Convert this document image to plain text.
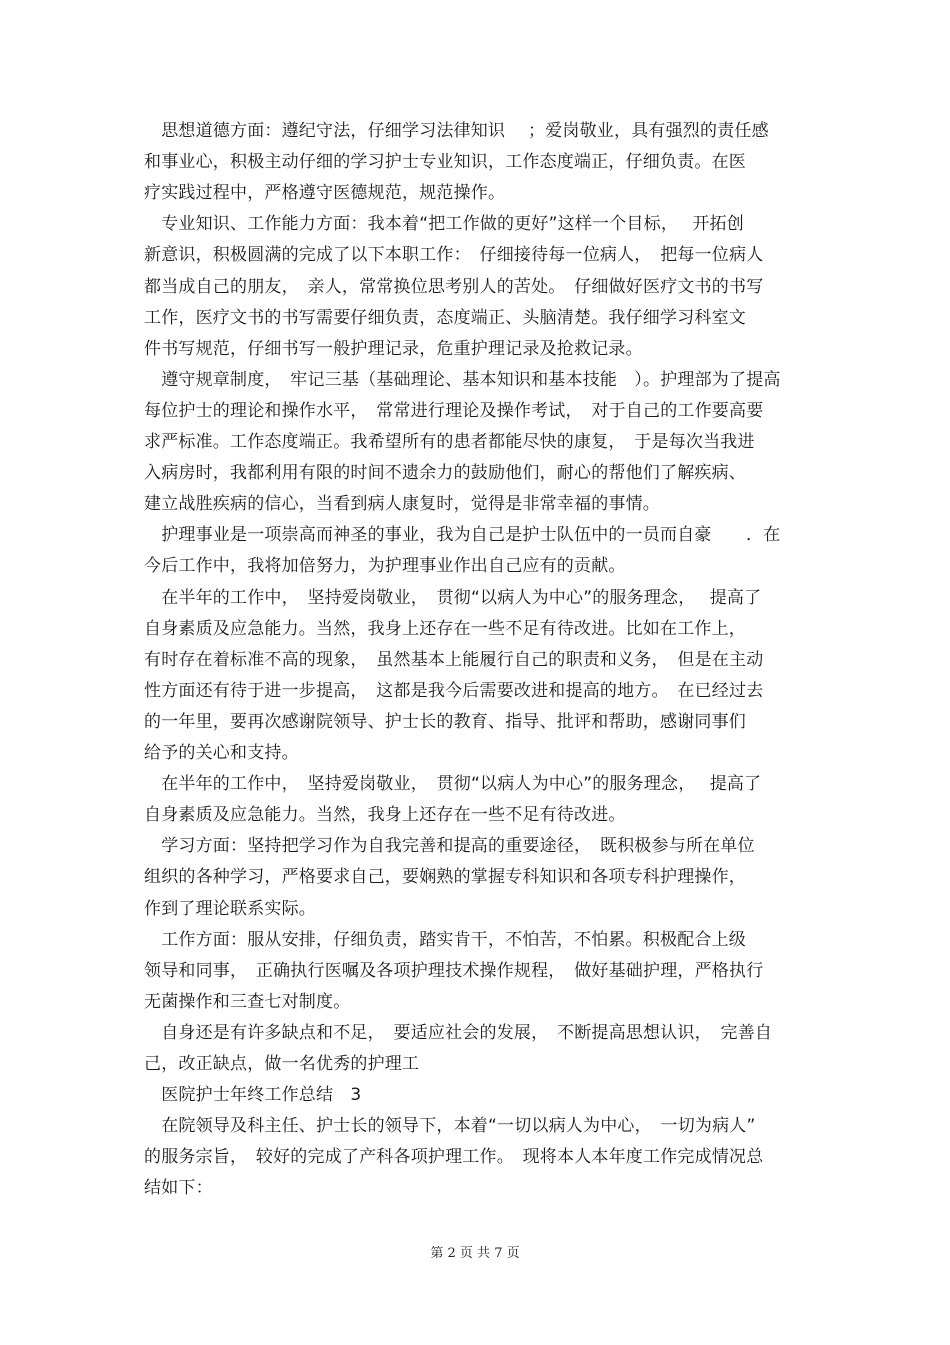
　思想道德方面：遵纪守法，仔细学习法律知识　 ；爱岗敬业，具有强烈的责任感
和事业心，积极主动仔细的学习护士专业知识，工作态度端正，仔细负责。在医
疗实践过程中，严格遵守医德规范，规范操作。
　专业知识、工作能力方面：我本着“把工作做的更好”这样一个目标，　 开拓创
新意识，积极圆满的完成了以下本职工作：　仔细接待每一位病人，　把每一位病人
都当成自己的朋友，　亲人，常常换位思考别人的苦处。　仔细做好医疗文书的书写
工作，医疗文书的书写需要仔细负责，态度端正、头脑清楚。我仔细学习科室文
件书写规范，仔细书写一般护理记录，危重护理记录及抢救记录。
　遵守规章制度，　牢记三基（基础理论、基本知识和基本技能　）。护理部为了提高
每位护士的理论和操作水平，　常常进行理论及操作考试，　对于自己的工作要高要
求严标准。工作态度端正。我希望所有的患者都能尽快的康复，　于是每次当我进
入病房时，我都利用有限的时间不遗余力的鼓励他们，耐心的帮他们了解疾病、
建立战胜疾病的信心，当看到病人康复时，觉得是非常幸福的事情。
　护理事业是一项崇高而神圣的事业，我为自己是护士队伍中的一员而自豪　　．在
今后工作中，我将加倍努力，为护理事业作出自己应有的贡献。
　在半年的工作中，　坚持爱岗敬业，　贯彻“以病人为中心”的服务理念，　 提高了
自身素质及应急能力。当然，我身上还存在一些不足有待改进。比如在工作上，
有时存在着标准不高的现象，　虽然基本上能履行自己的职责和义务，　但是在主动
性方面还有待于进一步提高，　这都是我今后需要改进和提高的地方。　在已经过去
的一年里，要再次感谢院领导、护士长的教育、指导、批评和帮助，感谢同事们
给予的关心和支持。
　在半年的工作中，　坚持爱岗敬业，　贯彻“以病人为中心”的服务理念，　 提高了
自身素质及应急能力。当然，我身上还存在一些不足有待改进。
　学习方面：坚持把学习作为自我完善和提高的重要途径，　既积极参与所在单位
组织的各种学习，严格要求自己，要娴熟的掌握专科知识和各项专科护理操作，
作到了理论联系实际。
　工作方面：服从安排，仔细负责，踏实肯干，不怕苦，不怕累。积极配合上级
领导和同事，　正确执行医嘱及各项护理技术操作规程，　做好基础护理，严格执行
无菌操作和三查七对制度。
　自身还是有许多缺点和不足，　要适应社会的发展，　不断提高思想认识，　完善自
己，改正缺点，做一名优秀的护理工
　医院护士年终工作总结　3
　在院领导及科主任、护士长的领导下，本着“一切以病人为中心，　一切为病人”
的服务宗旨，　较好的完成了产科各项护理工作。　现将本人本年度工作完成情况总
结如下：
第 2 页 共 7 页
